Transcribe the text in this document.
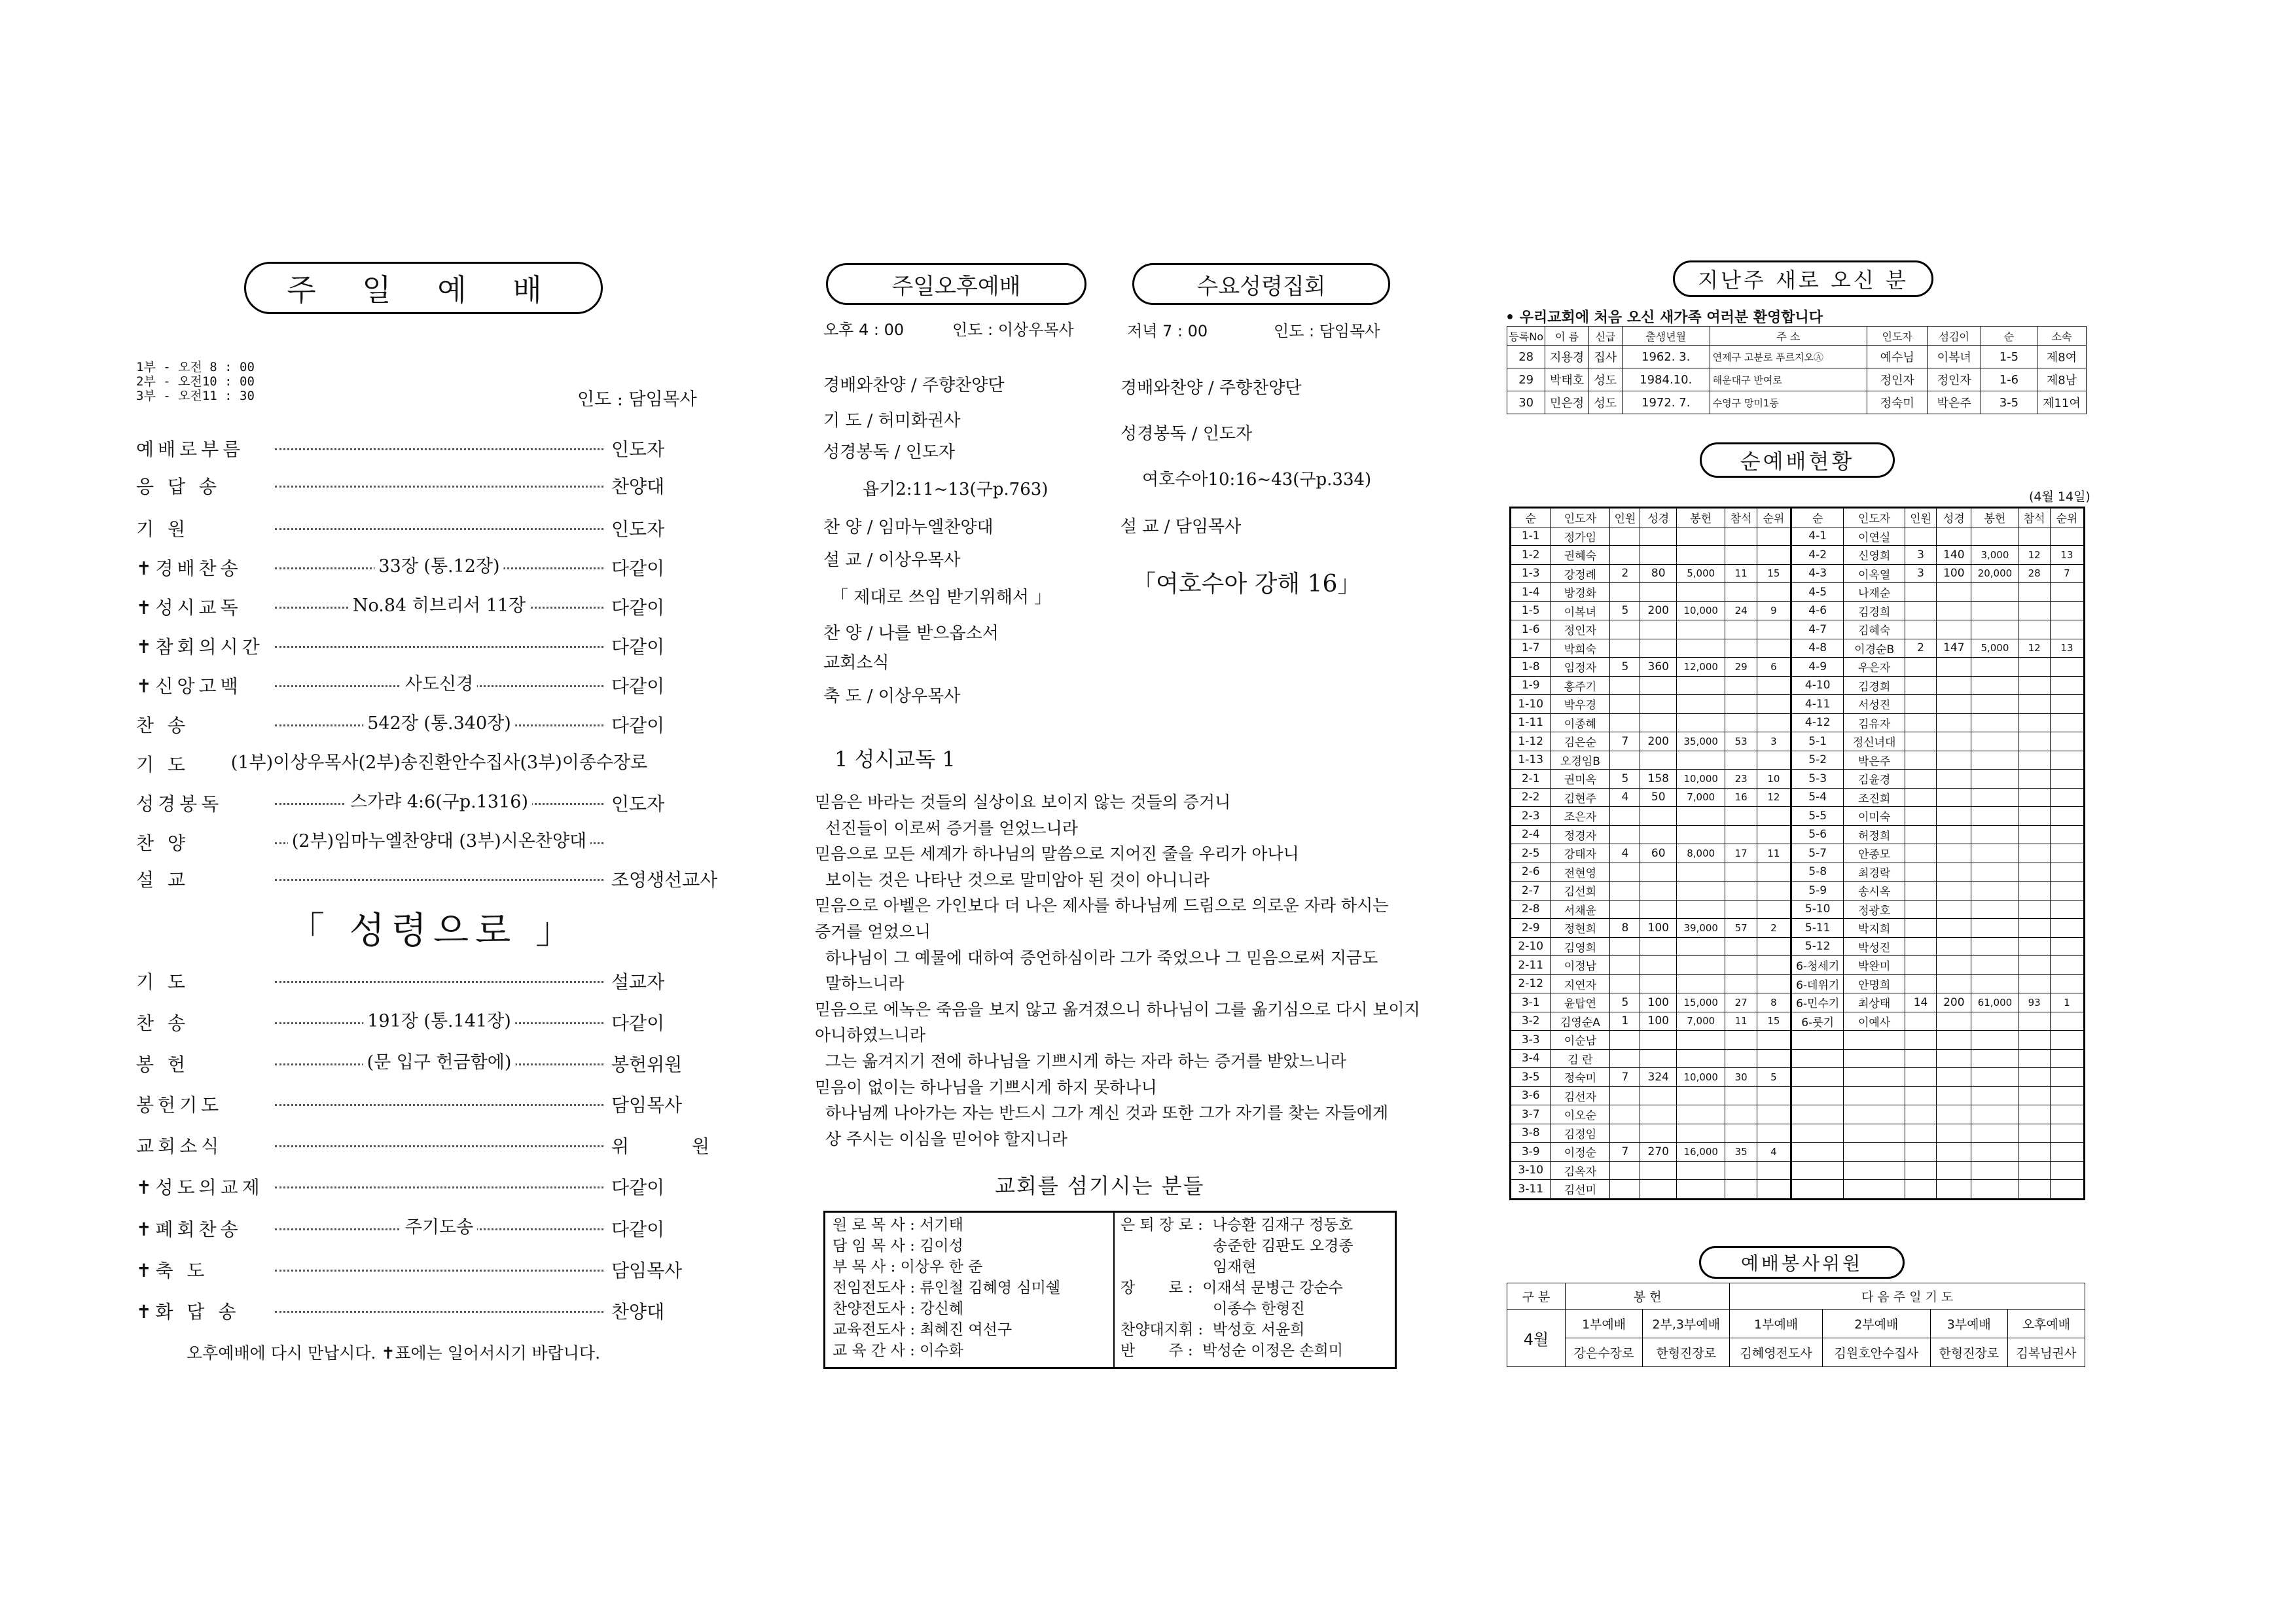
주 일 예 배
1부 - 오전 8 : 00
2부 - 오전10 : 00
3부 - 오전11 : 30	인도 : 담임목사
예배로부름	인도자
응 답 송	찬양대
기 원	인도자
✝경배찬송	33장 (통.12장)	다같이
✝성시교독	No.84 히브리서 11장	다같이
✝참회의시간	다같이
✝신앙고백	사도신경	다같이
찬 송	542장 (통.340장)	다같이
기 도	(1부)이상우목사(2부)송진환안수집사(3부)이종수장로
성경봉독	스가랴 4:6(구p.1316)	인도자
찬 양	(2부)임마누엘찬양대 (3부)시온찬양대
설 교	조영생선교사
「 성령으로 」
기 도	설교자
찬 송	191장 (통.141장)	다같이
봉 헌	(문 입구 헌금함에)	봉헌위원
봉헌기도	담임목사
교회소식	위 원
✝성도의교제	다같이
✝폐회찬송	주기도송	다같이
✝축 도	담임목사
✝화 답 송	찬양대
오후예배에 다시 만납시다. ✝표에는 일어서시기 바랍니다.
주일오후예배	수요성령집회
오후 4 : 00	인도 : 이상우목사	저녁 7 : 00	인도 : 담임목사
경배와찬양 / 주향찬양단
기 도 / 허미화권사
성경봉독 / 인도자
욥기2:11~13(구p.763)
찬 양 / 임마누엘찬양대
설 교 / 이상우목사
「 제대로 쓰임 받기위해서 」
찬 양 / 나를 받으옵소서
교회소식
축 도 / 이상우목사
경배와찬양 / 주향찬양단
성경봉독 / 인도자
여호수아10:16~43(구p.334)
설 교 / 담임목사
「여호수아 강해 16」
1 성시교독 1
믿음은 바라는 것들의 실상이요 보이지 않는 것들의 증거니
선진들이 이로써 증거를 얻었느니라
믿음으로 모든 세계가 하나님의 말씀으로 지어진 줄을 우리가 아나니
보이는 것은 나타난 것으로 말미암아 된 것이 아니니라
믿음으로 아벨은 가인보다 더 나은 제사를 하나님께 드림으로 의로운 자라 하시는
증거를 얻었으니
하나님이 그 예물에 대하여 증언하심이라 그가 죽었으나 그 믿음으로써 지금도
말하느니라
믿음으로 에녹은 죽음을 보지 않고 옮겨졌으니 하나님이 그를 옮기심으로 다시 보이지
아니하였느니라
그는 옮겨지기 전에 하나님을 기쁘시게 하는 자라 하는 증거를 받았느니라
믿음이 없이는 하나님을 기쁘시게 하지 못하나니
하나님께 나아가는 자는 반드시 그가 계신 것과 또한 그가 자기를 찾는 자들에게
상 주시는 이심을 믿어야 할지니라
교회를 섬기시는 분들
원 로 목 사 : 서기태
담 임 목 사 : 김이성
부 목 사 : 이상우 한 준
전임전도사 : 류인철 김혜영 심미쉘
찬양전도사 : 강신혜
교육전도사 : 최혜진 여선구
교 육 간 사 : 이수화
은 퇴 장 로 :  나승환 김재구 정동호
송준한 김판도 오경종
임재현
장       로 :  이재석 문병근 강순수
이종수 한형진
찬양대지휘 :  박성호 서윤희
반       주 :  박성순 이정은 손희미
지난주 새로 오신 분
• 우리교회에 처음 오신 새가족 여러분 환영합니다
등록No	이 름	신급	출생년월	주 소	인도자	섬김이	순	소속
28	지용경	집사	1962. 3.	연제구 고분로 푸르지오Ⓐ	예수님	이복녀	1-5	제8여
29	박태호	성도	1984.10.	해운대구 반여로	정인자	정인자	1-6	제8남
30	민은정	성도	1972. 7.	수영구 망미1동	정숙미	박은주	3-5	제11여
순예배현황
(4월 14일)
순	인도자	인원	성경	봉헌	참석	순위	순	인도자	인원	성경	봉헌	참석	순위
1-1	정가임						4-1	이연실					
1-2	권혜숙						4-2	신영희	3	140	3,000	12	13
1-3	강정례	2	80	5,000	11	15	4-3	이옥열	3	100	20,000	28	7
1-4	방경화						4-5	나재순					
1-5	이복녀	5	200	10,000	24	9	4-6	김경희					
1-6	정인자						4-7	김혜숙					
1-7	박희숙						4-8	이경순B	2	147	5,000	12	13
1-8	임정자	5	360	12,000	29	6	4-9	우은자					
1-9	홍주기						4-10	김경희					
1-10	박우경						4-11	서성진					
1-11	이종혜						4-12	김유자					
1-12	김은순	7	200	35,000	53	3	5-1	정신녀대					
1-13	오경임B						5-2	박은주					
2-1	권미옥	5	158	10,000	23	10	5-3	김윤경					
2-2	김현주	4	50	7,000	16	12	5-4	조진희					
2-3	조은자						5-5	이미숙					
2-4	정경자						5-6	허정희					
2-5	강태자	4	60	8,000	17	11	5-7	안종모					
2-6	전현영						5-8	최경락					
2-7	김선희						5-9	송시옥					
2-8	서채윤						5-10	정광호					
2-9	정현희	8	100	39,000	57	2	5-11	박지희					
2-10	김영희						5-12	박성진					
2-11	이정남						6-청세기	박완미					
2-12	지연자						6-데위기	안명희					
3-1	윤탑연	5	100	15,000	27	8	6-민수기	최상태	14	200	61,000	93	1
3-2	김영순A	1	100	7,000	11	15	6-룻기	이예사					
3-3	이순남												
3-4	김 란												
3-5	정숙미	7	324	10,000	30	5							
3-6	김선자												
3-7	이오순												
3-8	김정임												
3-9	이정순	7	270	16,000	35	4							
3-10	김옥자												
3-11	김선미												
예배봉사위원
구 분	봉 헌		다 음 주 일 기 도			
4월	1부예배	2부,3부예배	1부예배	2부예배	3부예배	오후예배
	강은수장로	한형진장로	김혜영전도사	김원호안수집사	한형진장로	김복님권사
